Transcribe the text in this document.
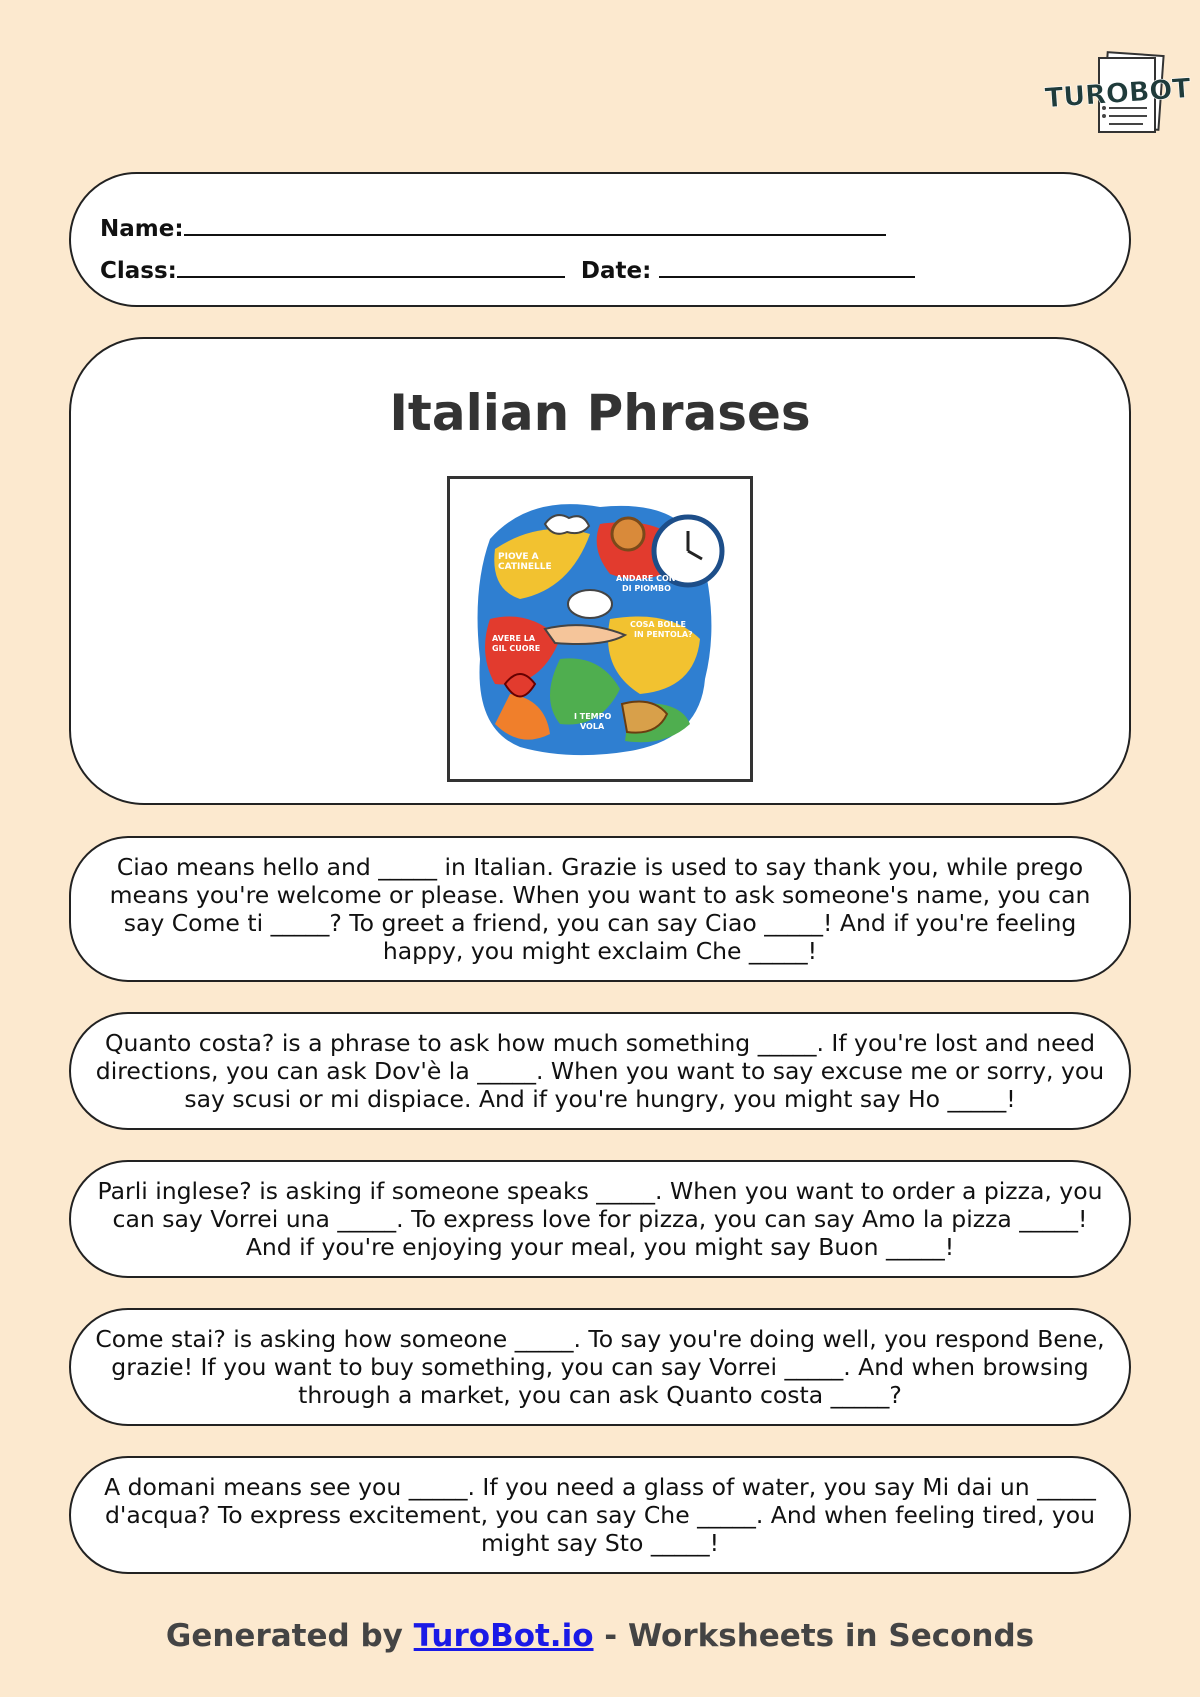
TUROBOT
Name:
Class:	Date:
Italian Phrases
PIOVE A
CATINELLE
ANDARE CON
DI PIOMBO
COSA BOLLE
IN PENTOLA?
AVERE LA
GIL CUORE
I TEMPO
VOLA

Ciao means hello and _____ in Italian. Grazie is used to say thank you, while prego means you're welcome or please. When you want to ask someone's name, you can say Come ti _____? To greet a friend, you can say Ciao _____! And if you're feeling happy, you might exclaim Che _____!

Quanto costa? is a phrase to ask how much something _____. If you're lost and need directions, you can ask Dov'è la _____. When you want to say excuse me or sorry, you say scusi or mi dispiace. And if you're hungry, you might say Ho _____!

Parli inglese? is asking if someone speaks _____. When you want to order a pizza, you can say Vorrei una _____. To express love for pizza, you can say Amo la pizza _____! And if you're enjoying your meal, you might say Buon _____!

Come stai? is asking how someone _____. To say you're doing well, you respond Bene, grazie! If you want to buy something, you can say Vorrei _____. And when browsing through a market, you can ask Quanto costa _____?

A domani means see you _____. If you need a glass of water, you say Mi dai un _____ d'acqua? To express excitement, you can say Che _____. And when feeling tired, you might say Sto _____!

Generated by TuroBot.io - Worksheets in Seconds
